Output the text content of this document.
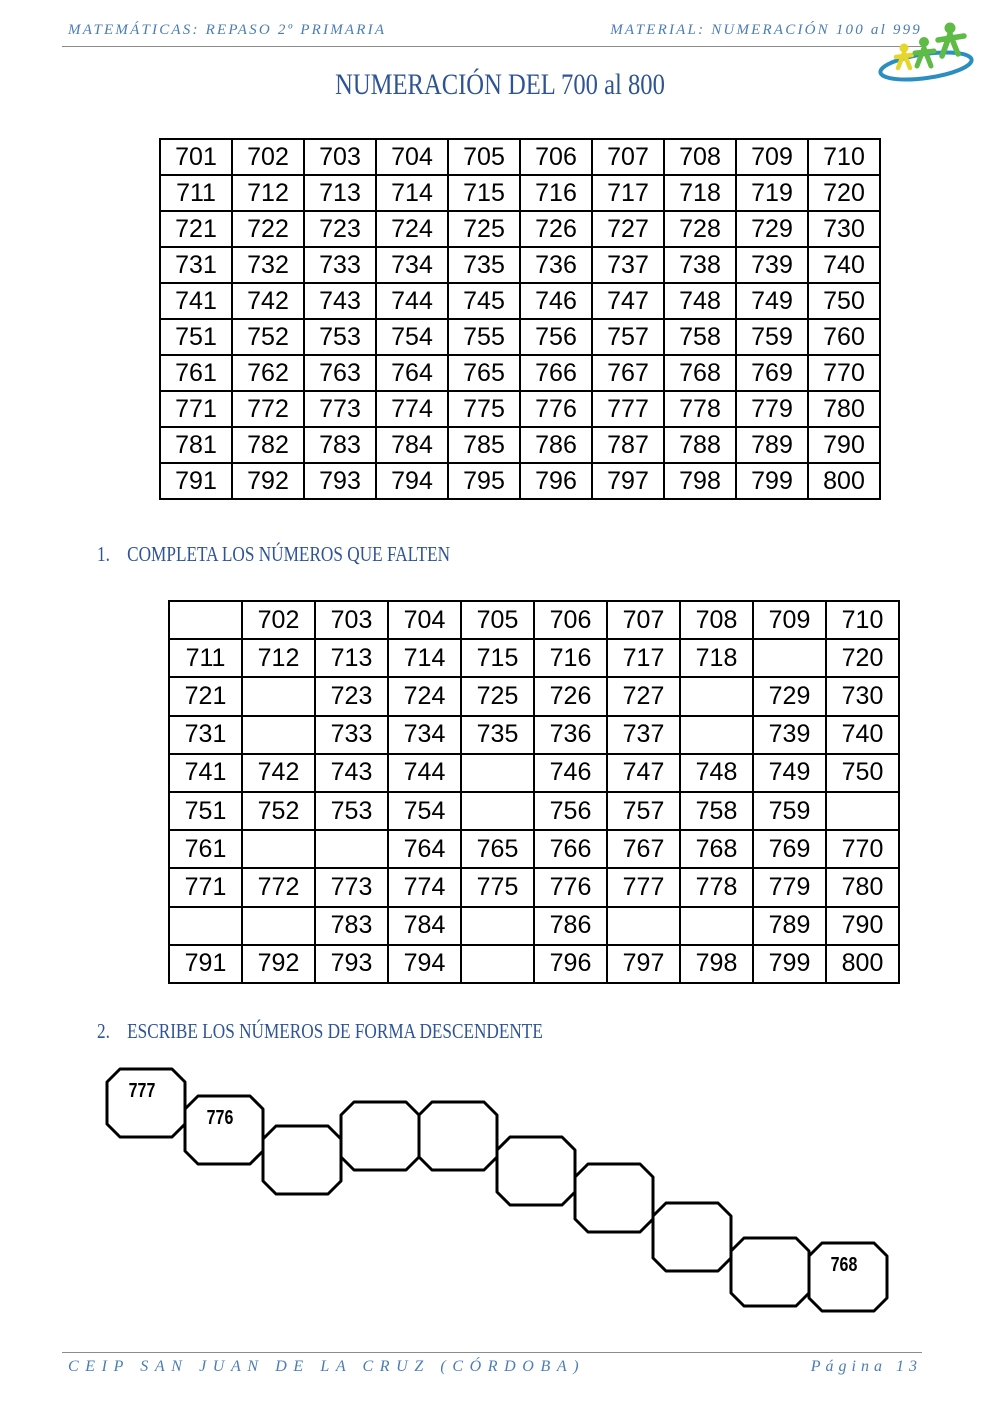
MATEMÁTICAS: REPASO 2º PRIMARIA	MATERIAL: NUMERACIÓN 100 al 999
NUMERACIÓN DEL 700 al 800
701	702	703	704	705	706	707	708	709	710
711	712	713	714	715	716	717	718	719	720
721	722	723	724	725	726	727	728	729	730
731	732	733	734	735	736	737	738	739	740
741	742	743	744	745	746	747	748	749	750
751	752	753	754	755	756	757	758	759	760
761	762	763	764	765	766	767	768	769	770
771	772	773	774	775	776	777	778	779	780
781	782	783	784	785	786	787	788	789	790
791	792	793	794	795	796	797	798	799	800
1.    COMPLETA LOS NÚMEROS QUE FALTEN
	702	703	704	705	706	707	708	709	710
711	712	713	714	715	716	717	718		720
721		723	724	725	726	727		729	730
731		733	734	735	736	737		739	740
741	742	743	744		746	747	748	749	750
751	752	753	754		756	757	758	759	
761			764	765	766	767	768	769	770
771	772	773	774	775	776	777	778	779	780
		783	784		786			789	790
791	792	793	794		796	797	798	799	800
2.    ESCRIBE LOS NÚMEROS DE FORMA DESCENDENTE
777
776
768
CEIP SAN JUAN DE LA CRUZ (CÓRDOBA)	Página 13
